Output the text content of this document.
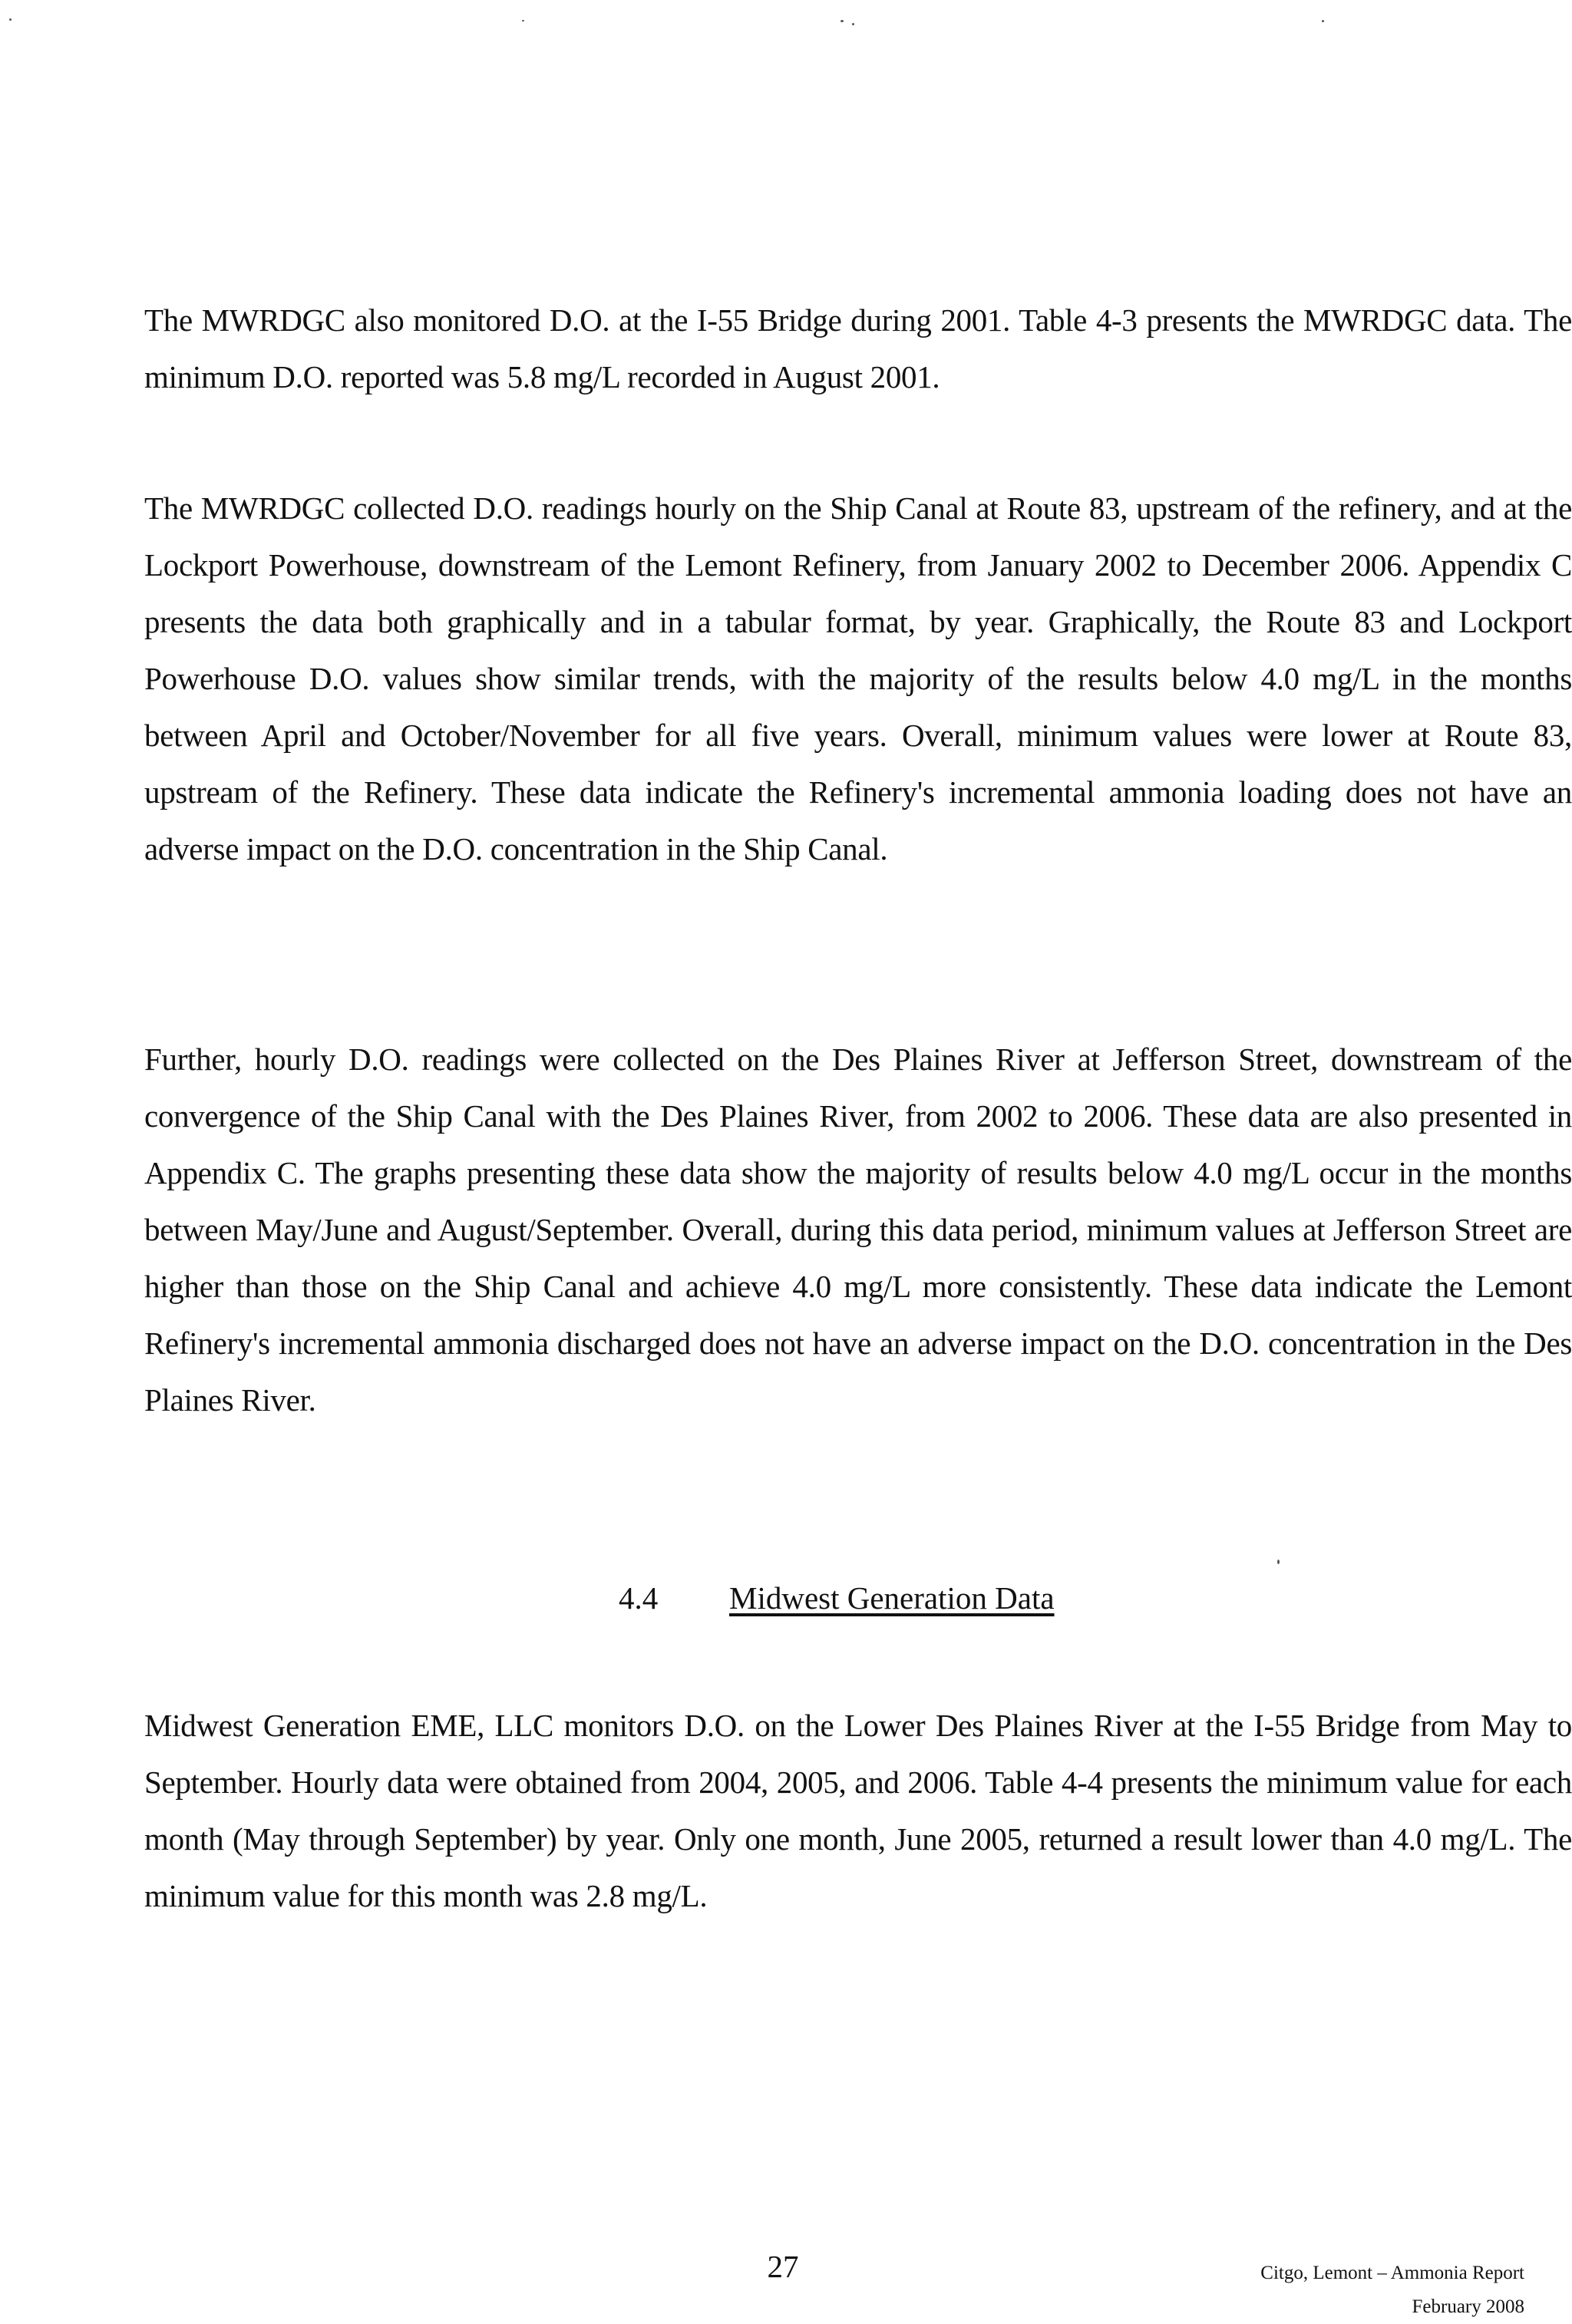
The MWRDGC also monitored D.O. at the I-55 Bridge during 2001. Table 4-3 presents the MWRDGC data. The minimum D.O. reported was 5.8 mg/L recorded in August 2001.

The MWRDGC collected D.O. readings hourly on the Ship Canal at Route 83, upstream of the refinery, and at the Lockport Powerhouse, downstream of the Lemont Refinery, from January 2002 to December 2006. Appendix C presents the data both graphically and in a tabular format, by year. Graphically, the Route 83 and Lockport Powerhouse D.O. values show similar trends, with the majority of the results below 4.0 mg/L in the months between April and October/November for all five years. Overall, minimum values were lower at Route 83, upstream of the Refinery. These data indicate the Refinery's incremental ammonia loading does not have an adverse impact on the D.O. concentration in the Ship Canal.

Further, hourly D.O. readings were collected on the Des Plaines River at Jefferson Street, downstream of the convergence of the Ship Canal with the Des Plaines River, from 2002 to 2006. These data are also presented in Appendix C. The graphs presenting these data show the majority of results below 4.0 mg/L occur in the months between May/June and August/September. Overall, during this data period, minimum values at Jefferson Street are higher than those on the Ship Canal and achieve 4.0 mg/L more consistently. These data indicate the Lemont Refinery's incremental ammonia discharged does not have an adverse impact on the D.O. concentration in the Des Plaines River.

4.4 Midwest Generation Data

Midwest Generation EME, LLC monitors D.O. on the Lower Des Plaines River at the I-55 Bridge from May to September. Hourly data were obtained from 2004, 2005, and 2006. Table 4-4 presents the minimum value for each month (May through September) by year. Only one month, June 2005, returned a result lower than 4.0 mg/L. The minimum value for this month was 2.8 mg/L.

27	Citgo, Lemont – Ammonia Report
February 2008
